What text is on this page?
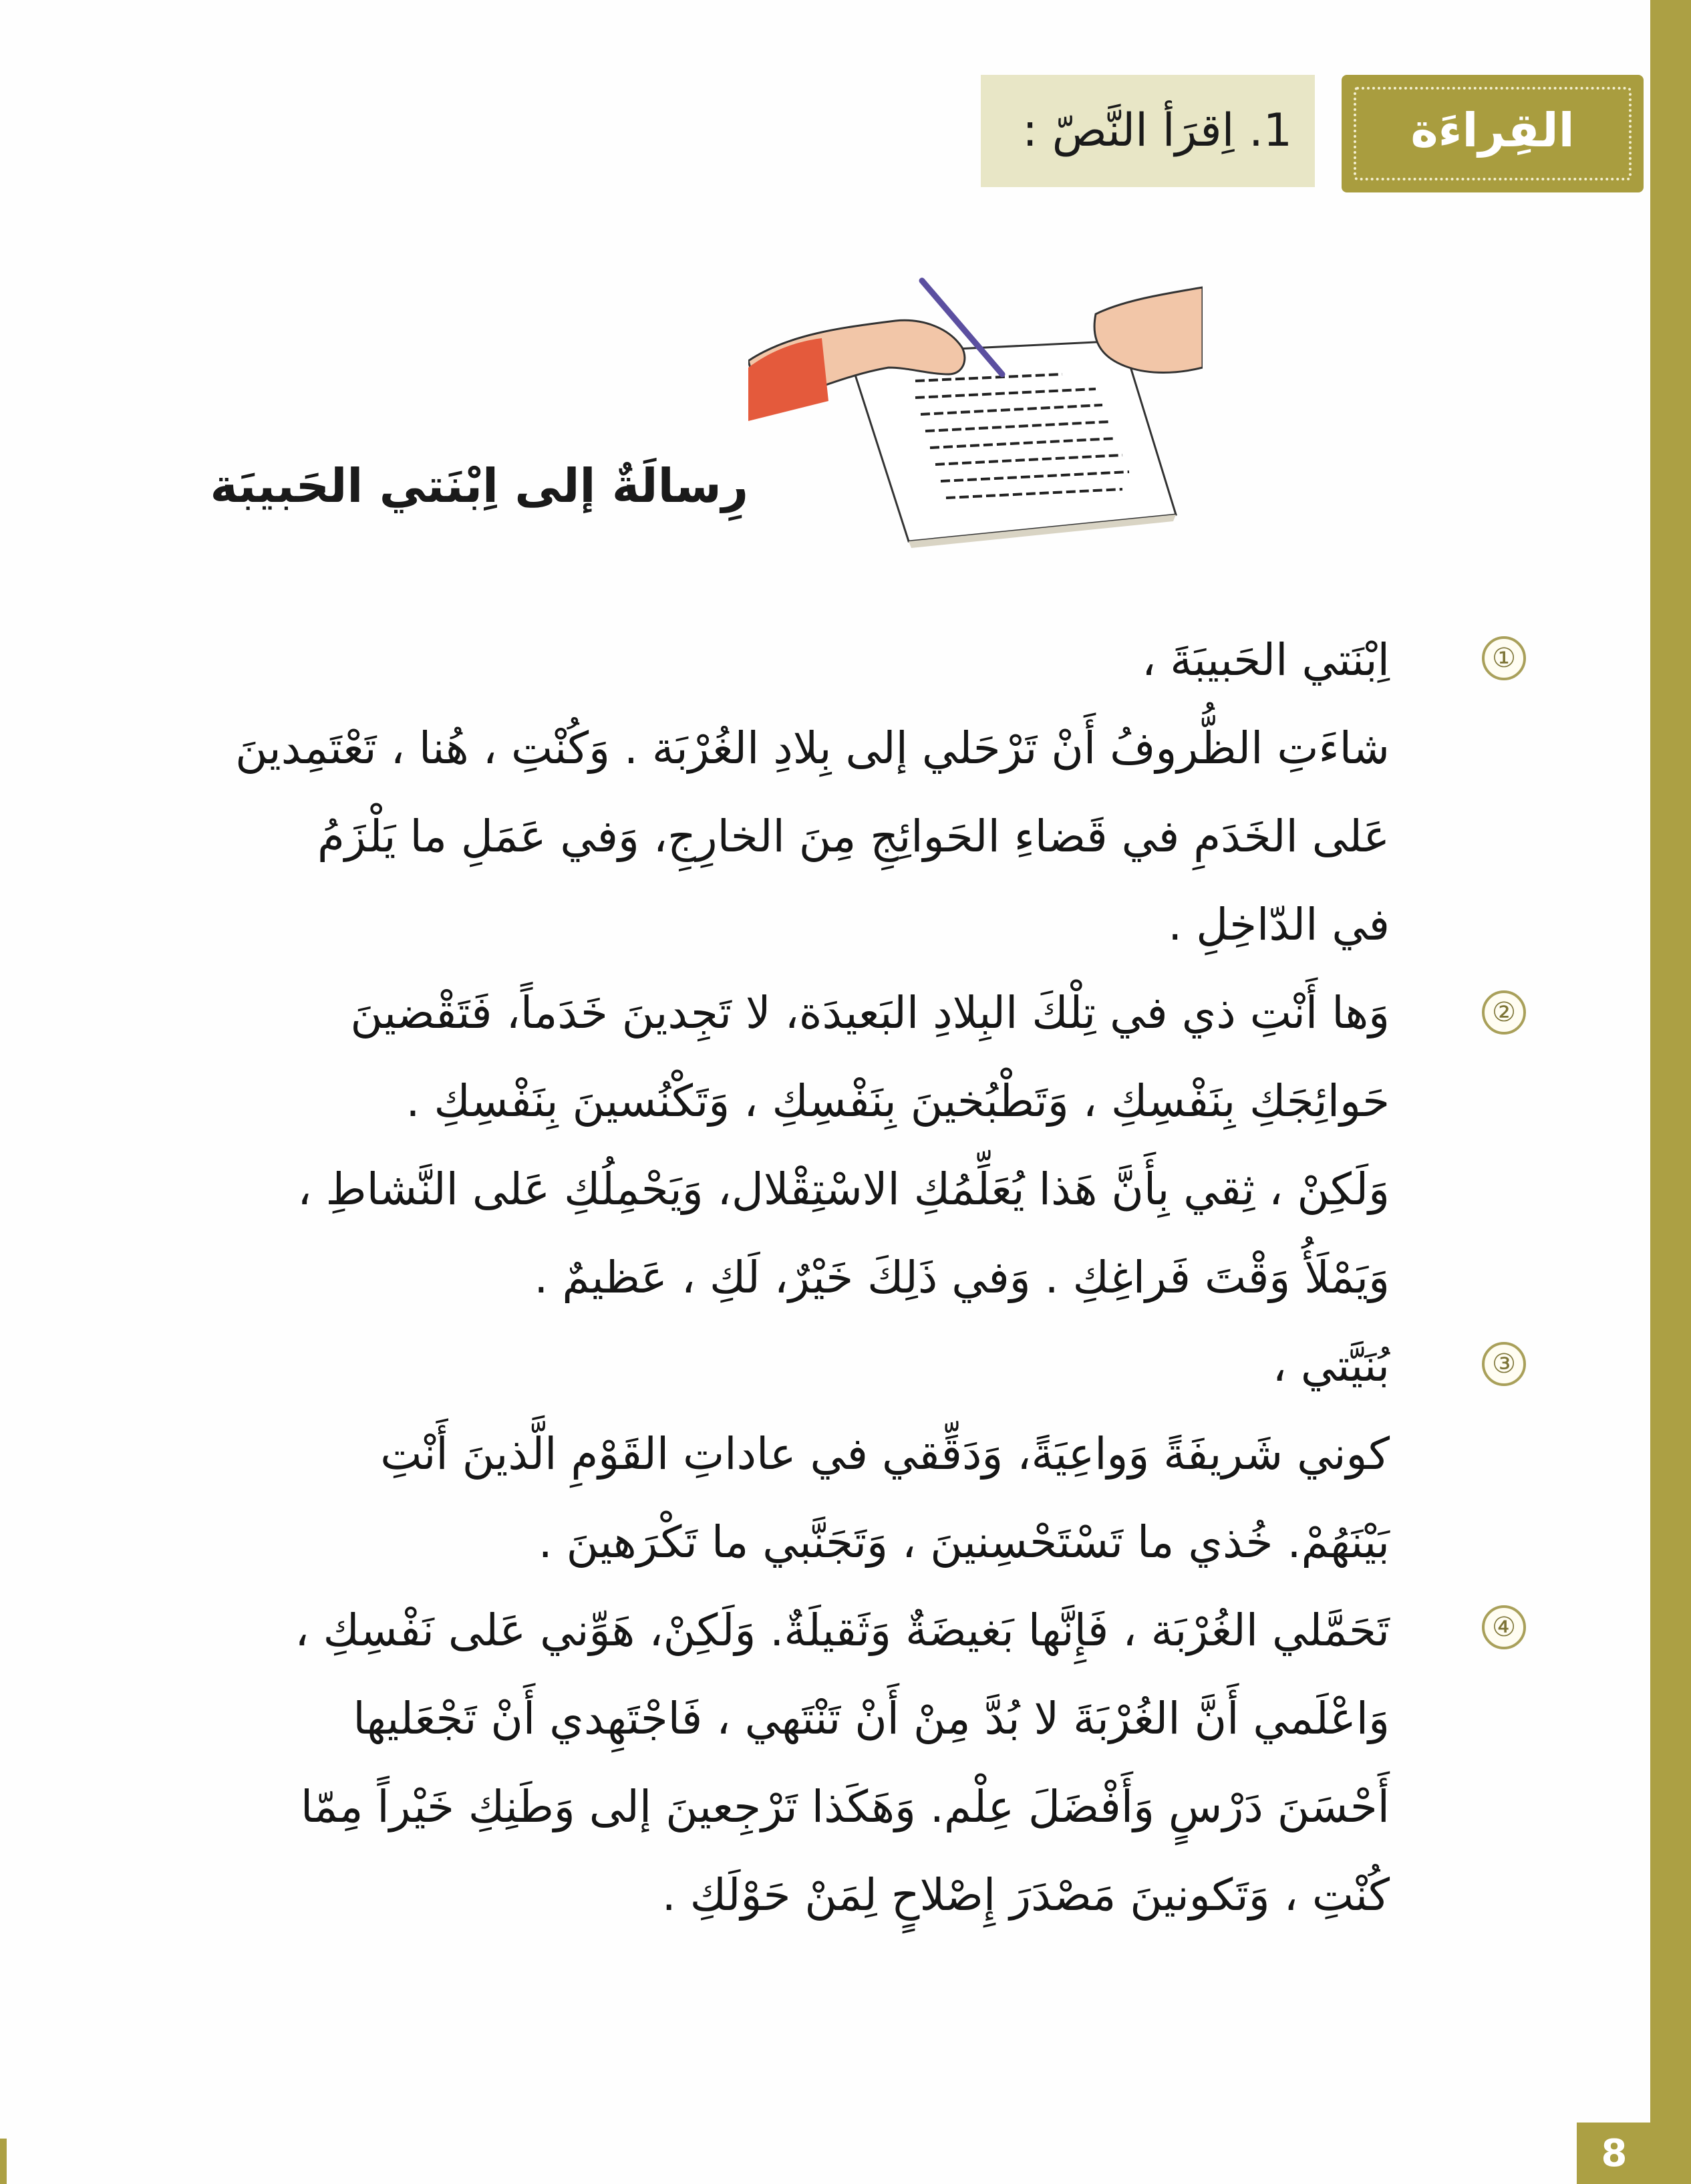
القِراءَة
1. اِقرَأ النَّصّ :
رِسالَةٌ إلى اِبْنَتي الحَبيبَة
①
اِبْنَتي الحَبيبَةَ ،
شاءَتِ الظُّروفُ أَنْ تَرْحَلي إلى بِلادِ الغُرْبَة . وَكُنْتِ ، هُنا ، تَعْتَمِدينَ
عَلى الخَدَمِ في قَضاءِ الحَوائِجِ مِنَ الخارِجِ، وَفي عَمَلِ ما يَلْزَمُ
في الدّاخِلِ .
②
وَها أَنْتِ ذي في تِلْكَ البِلادِ البَعيدَة، لا تَجِدينَ خَدَماً، فَتَقْضينَ
حَوائِجَكِ بِنَفْسِكِ ، وَتَطْبُخينَ بِنَفْسِكِ ، وَتَكْنُسينَ بِنَفْسِكِ .
وَلَكِنْ ، ثِقي بِأَنَّ هَذا يُعَلِّمُكِ الاسْتِقْلال، وَيَحْمِلُكِ عَلى النَّشاطِ ،
وَيَمْلَأُ وَقْتَ فَراغِكِ . وَفي ذَلِكَ خَيْرٌ، لَكِ ، عَظيمٌ .
③
بُنَيَّتي ،
كوني شَريفَةً وَواعِيَةً، وَدَقِّقي في عاداتِ القَوْمِ الَّذينَ أَنْتِ
بَيْنَهُمْ. خُذي ما تَسْتَحْسِنينَ ، وَتَجَنَّبي ما تَكْرَهينَ .
④
تَحَمَّلي الغُرْبَة ، فَإِنَّها بَغيضَةٌ وَثَقيلَةٌ. وَلَكِنْ، هَوِّني عَلى نَفْسِكِ ،
وَاعْلَمي أَنَّ الغُرْبَةَ لا بُدَّ مِنْ أَنْ تَنْتَهي ، فَاجْتَهِدي أَنْ تَجْعَليها
أَحْسَنَ دَرْسٍ وَأَفْضَلَ عِلْم. وَهَكَذا تَرْجِعينَ إلى وَطَنِكِ خَيْراً مِمّا
كُنْتِ ، وَتَكونينَ مَصْدَرَ إِصْلاحٍ لِمَنْ حَوْلَكِ .
8
